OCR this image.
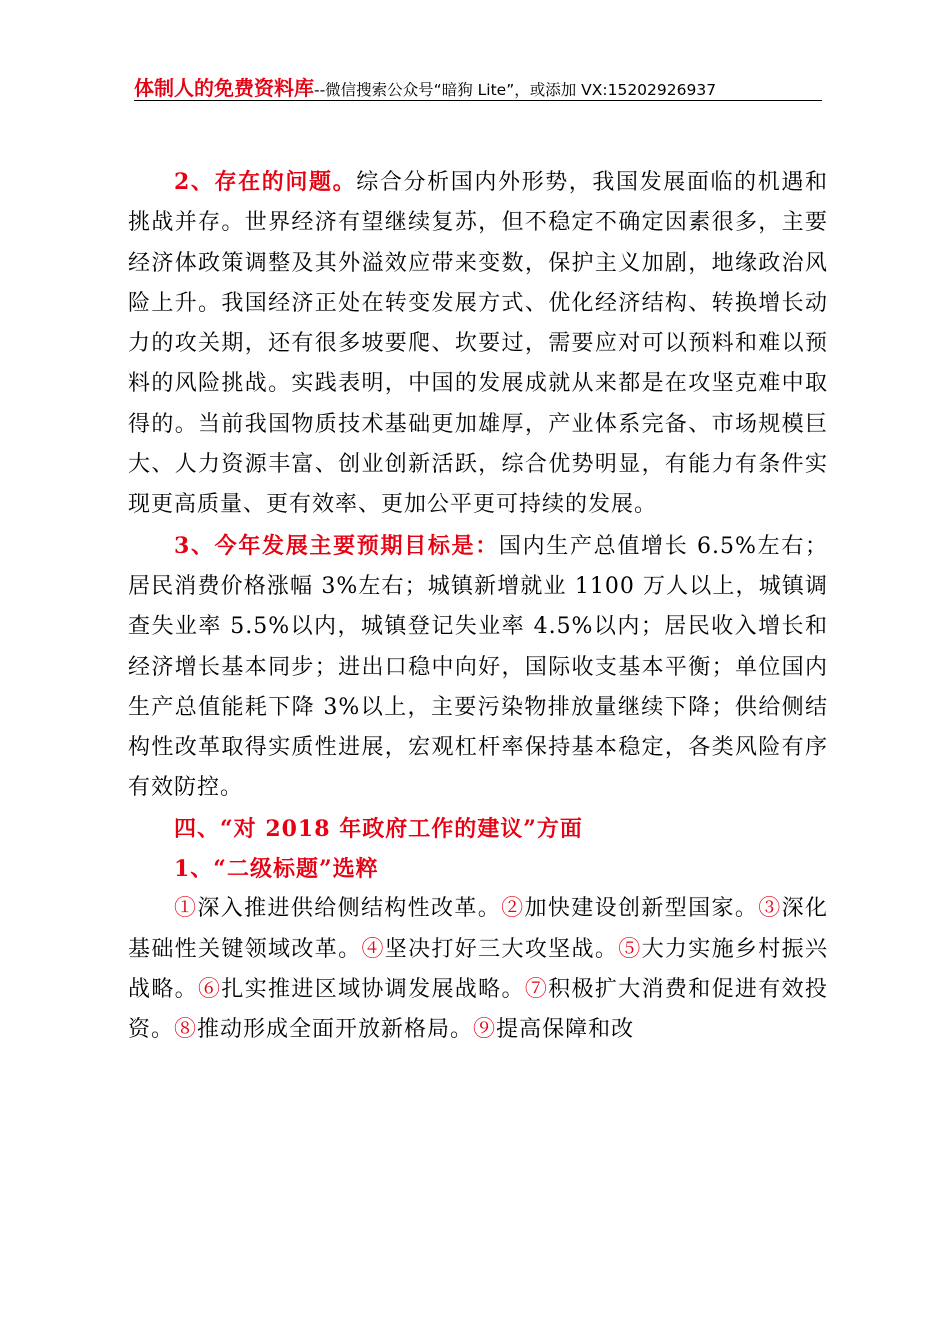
体制人的免费资料库--微信搜索公众号“暗狗 Lite”，或添加 VX:15202926937

2、存在的问题。综合分析国内外形势，我国发展面临的机遇和挑战并存。世界经济有望继续复苏，但不稳定不确定因素很多，主要经济体政策调整及其外溢效应带来变数，保护主义加剧，地缘政治风险上升。我国经济正处在转变发展方式、优化经济结构、转换增长动力的攻关期，还有很多坡要爬、坎要过，需要应对可以预料和难以预料的风险挑战。实践表明，中国的发展成就从来都是在攻坚克难中取得的。当前我国物质技术基础更加雄厚，产业体系完备、市场规模巨大、人力资源丰富、创业创新活跃，综合优势明显，有能力有条件实现更高质量、更有效率、更加公平更可持续的发展。

3、今年发展主要预期目标是：国内生产总值增长 6.5%左右；居民消费价格涨幅 3%左右；城镇新增就业 1100 万人以上，城镇调查失业率 5.5%以内，城镇登记失业率 4.5%以内；居民收入增长和经济增长基本同步；进出口稳中向好，国际收支基本平衡；单位国内生产总值能耗下降 3%以上，主要污染物排放量继续下降；供给侧结构性改革取得实质性进展，宏观杠杆率保持基本稳定，各类风险有序有效防控。

四、“对 2018 年政府工作的建议”方面

1、“二级标题”选粹

①深入推进供给侧结构性改革。②加快建设创新型国家。③深化基础性关键领域改革。④坚决打好三大攻坚战。⑤大力实施乡村振兴战略。⑥扎实推进区域协调发展战略。⑦积极扩大消费和促进有效投资。⑧推动形成全面开放新格局。⑨提高保障和改
